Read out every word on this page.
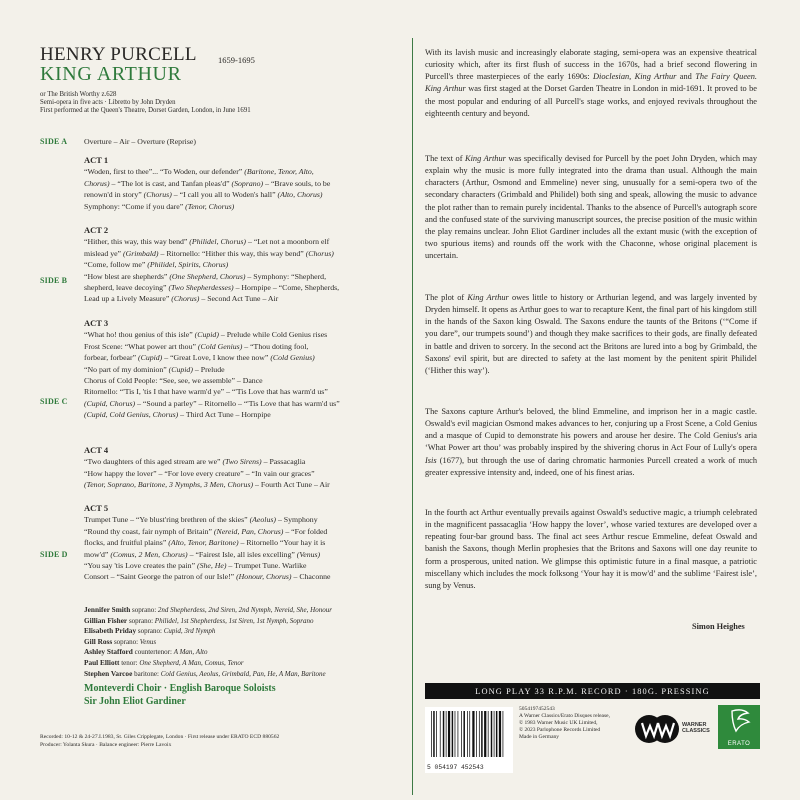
HENRY PURCELL 1659-1695
KING ARTHUR
or The British Worthy z.628
Semi-opera in five acts · Libretto by John Dryden
First performed at the Queen's Theatre, Dorset Garden, London, in June 1691
SIDE A
SIDE B
SIDE C
SIDE D
Overture – Air – Overture (Reprise)
ACT 1
“Woden, first to thee”... “To Woden, our defender” (Baritone, Tenor, Alto,
Chorus) – “The lot is cast, and Tanfan pleas'd” (Soprano) – “Brave souls, to be
renown'd in story” (Chorus) – “I call you all to Woden's hall” (Alto, Chorus)
Symphony: “Come if you dare” (Tenor, Chorus)
ACT 2
“Hither, this way, this way bend” (Philidel, Chorus) – “Let not a moonborn elf
mislead ye” (Grimbald) – Ritornello: “Hither this way, this way bend” (Chorus)
“Come, follow me” (Philidel, Spirits, Chorus)
“How blest are shepherds” (One Shepherd, Chorus) – Symphony: “Shepherd,
shepherd, leave decoying” (Two Shepherdesses) – Hornpipe – “Come, Shepherds,
Lead up a Lively Measure” (Chorus) – Second Act Tune – Air
ACT 3
“What ho! thou genius of this isle” (Cupid) – Prelude while Cold Genius rises
Frost Scene: “What power art thou” (Cold Genius) – “Thou doting fool,
forbear, forbear” (Cupid) – “Great Love, I know thee now” (Cold Genius)
“No part of my dominion” (Cupid) – Prelude
Chorus of Cold People: “See, see, we assemble” – Dance
Ritornello: “'Tis I, 'tis I that have warm'd ye” – “'Tis Love that has warm'd us”
(Cupid, Chorus) – “Sound a parley” – Ritornello – “'Tis Love that has warm'd us”
(Cupid, Cold Genius, Chorus) – Third Act Tune – Hornpipe
ACT 4
“Two daughters of this aged stream are we” (Two Sirens) – Passacaglia
“How happy the lover” – “For love every creature” – “In vain our graces”
(Tenor, Soprano, Baritone, 3 Nymphs, 3 Men, Chorus) – Fourth Act Tune – Air
ACT 5
Trumpet Tune – “Ye blust'ring brethren of the skies” (Aeolus) – Symphony
“Round thy coast, fair nymph of Britain” (Nereid, Pan, Chorus) – “For folded
flocks, and fruitful plains” (Alto, Tenor, Baritone) – Ritornello “Your hay it is
mow'd” (Comus, 2 Men, Chorus) – “Fairest Isle, all isles excelling” (Venus)
“You say 'tis Love creates the pain” (She, He) – Trumpet Tune. Warlike
Consort – “Saint George the patron of our Isle!” (Honour, Chorus) – Chaconne
Jennifer Smith soprano: 2nd Shepherdess, 2nd Siren, 2nd Nymph, Nereid, She, Honour
Gillian Fisher soprano: Philidel, 1st Shepherdess, 1st Siren, 1st Nymph, Soprano
Elisabeth Priday soprano: Cupid, 3rd Nymph
Gill Ross soprano: Venus
Ashley Stafford countertenor: A Man, Alto
Paul Elliott tenor: One Shepherd, A Man, Comus, Tenor
Stephen Varcoe baritone: Cold Genius, Aeolus, Grimbald, Pan, He, A Man, Baritone
Monteverdi Choir · English Baroque Soloists
Sir John Eliot Gardiner
Recorded: 10-12 & 24-27.I.1983, St. Giles Cripplegate, London · First release under ERATO ECD 880562
Producer: Yolanta Skura · Balance engineer: Pierre Lavoix
With its lavish music and increasingly elaborate staging, semi-opera was an expensive theatrical curiosity which, after its first flush of success in the 1670s, had a brief second flowering in Purcell's three masterpieces of the early 1690s: Dioclesian, King Arthur and The Fairy Queen. King Arthur was first staged at the Dorset Garden Theatre in London in mid-1691. It proved to be the most popular and enduring of all Purcell's stage works, and enjoyed revivals throughout the eighteenth century and beyond.
The text of King Arthur was specifically devised for Purcell by the poet John Dryden, which may explain why the music is more fully integrated into the drama than usual. Although the main characters (Arthur, Osmond and Emmeline) never sing, unusually for a semi-opera two of the secondary characters (Grimbald and Philidel) both sing and speak, allowing the music to advance the plot rather than to remain purely incidental. Thanks to the absence of Purcell's autograph score and the confused state of the surviving manuscript sources, the precise position of the music within the play remains unclear. John Eliot Gardiner includes all the extant music (with the exception of two spurious items) and rounds off the work with the Chaconne, whose original placement is uncertain.
The plot of King Arthur owes little to history or Arthurian legend, and was largely invented by Dryden himself. It opens as Arthur goes to war to recapture Kent, the final part of his kingdom still in the hands of the Saxon king Oswald. The Saxons endure the taunts of the Britons (‘“Come if you dare”, our trumpets sound’) and though they make sacrifices to their gods, are finally defeated in battle and driven to sorcery. In the second act the Britons are lured into a bog by Grimbald, the Saxons' evil spirit, but are directed to safety at the last moment by the penitent spirit Philidel (‘Hither this way’).
The Saxons capture Arthur's beloved, the blind Emmeline, and imprison her in a magic castle. Oswald's evil magician Osmond makes advances to her, conjuring up a Frost Scene, a Cold Genius and a masque of Cupid to demonstrate his powers and arouse her desire. The Cold Genius's aria ‘What Power art thou’ was probably inspired by the shivering chorus in Act Four of Lully's opera Isis (1677), but through the use of daring chromatic harmonies Purcell created a work of much greater expressive intensity and, indeed, one of his finest arias.
In the fourth act Arthur eventually prevails against Oswald's seductive magic, a triumph celebrated in the magnificent passacaglia ‘How happy the lover’, whose varied textures are developed over a repeating four-bar ground bass. The final act sees Arthur rescue Emmeline, defeat Oswald and banish the Saxons, though Merlin prophesies that the Britons and Saxons will one day reunite to form a prosperous, united nation. We glimpse this optimistic future in a final masque, a patriotic miscellany which includes the mock folksong ‘Your hay it is mow'd’ and the sublime ‘Fairest isle’, sung by Venus.
Simon Heighes
LONG PLAY 33 R.P.M. RECORD · 180G. PRESSING
5 054197 452543
5054197452543
A Warner Classics/Erato Disques release,
© 1983 Warner Music UK Limited,
© 2023 Parlophone Records Limited
Made in Germany
WARNER
CLASSICS
ERATO
